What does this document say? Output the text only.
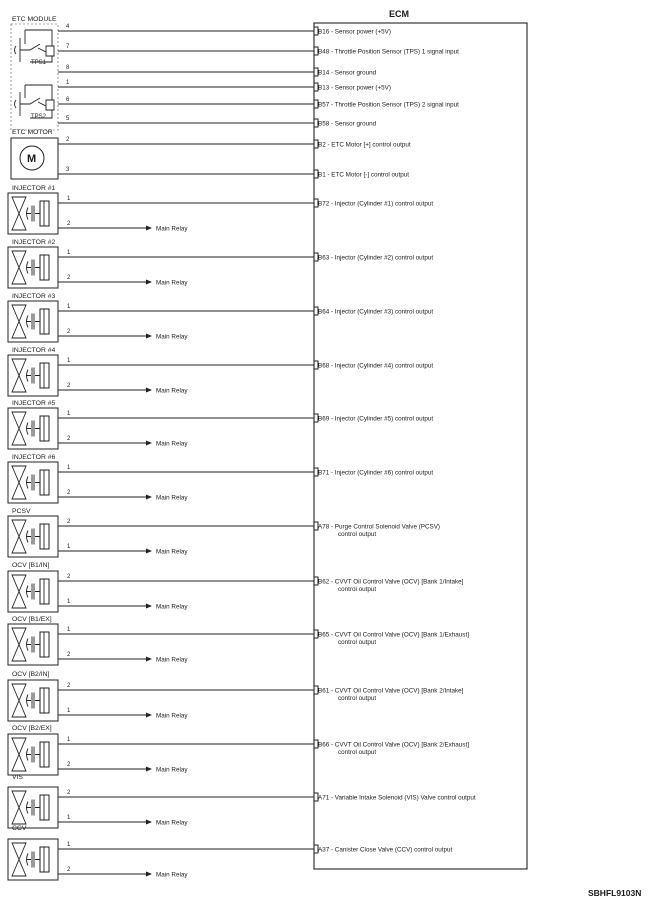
ECM
ETC MODULE
TPS1
TPS2
ETC MOTOR
M
4
B16 - Sensor power (+5V)
7
B48 - Throttle Position Sensor (TPS) 1 signal input
8
B14 - Sensor ground
1
B13 - Sensor power (+5V)
6
B57 - Throttle Position Sensor (TPS) 2 signal input
5
B58 - Sensor ground
2
B2 - ETC Motor [+] control output
3
B1 - ETC Motor [-] control output
INJECTOR #1
1
2
Main Relay
B72 - Injector (Cylinder #1) control output
INJECTOR #2
1
2
Main Relay
B63 - Injector (Cylinder #2) control output
INJECTOR #3
1
2
Main Relay
B64 - Injector (Cylinder #3) control output
INJECTOR #4
1
2
Main Relay
B68 - Injector (Cylinder #4) control output
INJECTOR #5
1
2
Main Relay
B69 - Injector (Cylinder #5) control output
INJECTOR #6
1
2
Main Relay
B71 - Injector (Cylinder #6) control output
PCSV
2
1
Main Relay
A78 - Purge Control Solenoid Valve (PCSV)
control output
OCV [B1/IN]
2
1
Main Relay
B62 - CVVT Oil Control Valve (OCV) [Bank 1/Intake]
control output
OCV [B1/EX]
1
2
Main Relay
B65 - CVVT Oil Control Valve (OCV) [Bank 1/Exhaust]
control output
OCV [B2/IN]
2
1
Main Relay
B61 - CVVT Oil Control Valve (OCV) [Bank 2/Intake]
control output
OCV [B2/EX]
1
2
Main Relay
B66 - CVVT Oil Control Valve (OCV) [Bank 2/Exhaust]
control output
VIS
2
1
Main Relay
A71 - Variable Intake Solenoid (VIS) Valve control output
CCV
1
2
Main Relay
A37 - Canister Close Valve (CCV) control output
SBHFL9103N
